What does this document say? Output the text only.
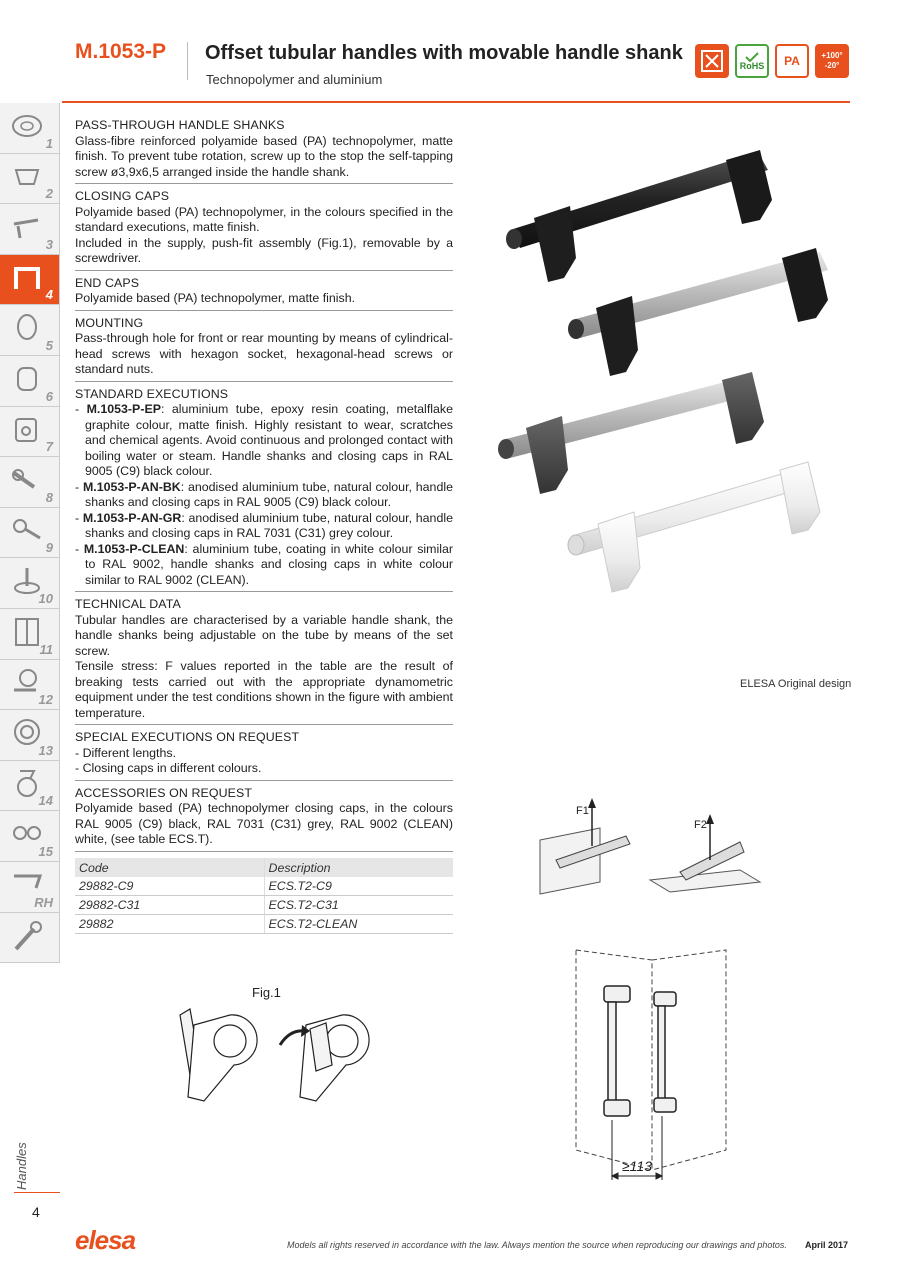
M.1053-P Offset tubular handles with movable handle shank
Technopolymer and aluminium
RoHS	PA	+100°
-20°
1
2
3
4
5
6
7
8
9
10
11
12
13
14
15
RH
Handles
4
PASS-THROUGH HANDLE SHANKS

Glass-fibre reinforced polyamide based (PA) technopolymer, matte finish. To prevent tube rotation, screw up to the stop the self-tapping screw ø3,9x6,5 arranged inside the handle shank.

CLOSING CAPS

Polyamide based (PA) technopolymer, in the colours specified in the standard executions, matte finish.

Included in the supply, push-fit assembly (Fig.1), removable by a screwdriver.

END CAPS

Polyamide based (PA) technopolymer, matte finish.

MOUNTING

Pass-through hole for front or rear mounting by means of cylindrical-head screws with hexagon socket, hexagonal-head screws or standard nuts.

STANDARD EXECUTIONS
- M.1053-P-EP: aluminium tube, epoxy resin coating, metalflake graphite colour, matte finish. Highly resistant to wear, scratches and chemical agents. Avoid continuous and prolonged contact with boiling water or steam. Handle shanks and closing caps in RAL 9005 (C9) black colour.
- M.1053-P-AN-BK: anodised aluminium tube, natural colour, handle shanks and closing caps in RAL 9005 (C9) black colour.
- M.1053-P-AN-GR: anodised aluminium tube, natural colour, handle shanks and closing caps in RAL 7031 (C31) grey colour.
- M.1053-P-CLEAN: aluminium tube, coating in white colour similar to RAL 9002, handle shanks and closing caps in white colour similar to RAL 9002 (CLEAN).
TECHNICAL DATA

Tubular handles are characterised by a variable handle shank, the handle shanks being adjustable on the tube by means of the set screw.

Tensile stress: F values reported in the table are the result of breaking tests carried out with the appropriate dynamometric equipment under the test conditions shown in the figure with ambient temperature.

SPECIAL EXECUTIONS ON REQUEST
- Different lengths.
- Closing caps in different colours.
ACCESSORIES ON REQUEST

Polyamide based (PA) technopolymer closing caps, in the colours RAL 9005 (C9) black, RAL 7031 (C31) grey, RAL 9002 (CLEAN) white, (see table ECS.T).

Code	Description
29882-C9	ECS.T2-C9
29882-C31	ECS.T2-C31
29882	ECS.T2-CLEAN
ELESA Original design
F1
F2
Fig.1
≥113
elesa	Models all rights reserved in accordance with the law. Always mention the source when reproducing our drawings and photos. April 2017
